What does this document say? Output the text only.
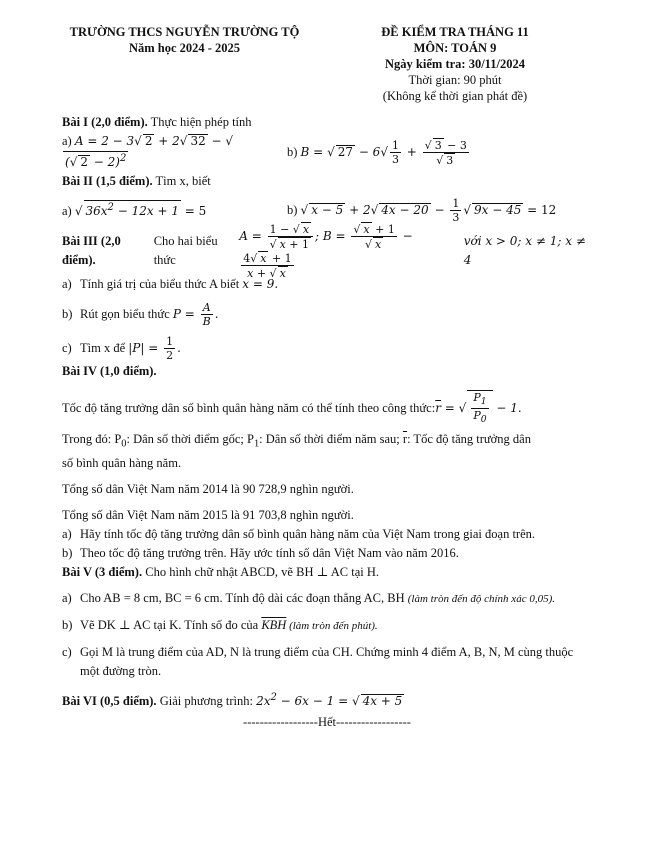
TRƯỜNG THCS NGUYỄN TRƯỜNG TỘ
Năm học 2024 - 2025
ĐỀ KIỂM TRA THÁNG 11
MÔN: TOÁN 9
Ngày kiểm tra: 30/11/2024
Thời gian: 90 phút
(Không kể thời gian phát đề)

Bài I (2,0 điểm). Thực hiện phép tính

a) A = 2 − 3√ 2 + 2√ 32 − √(√ 2 − 2)$^2$	b) B = √ $27 - 6√ \frac{1}{3} + \frac{√ 3 - 3}{√ 3}$

Bài II (1,5 điểm). Tìm x, biết

a) √ $36x^2 - 12x + 1 = 5$	b) √ x − 5 + 2√ $4x - 20 - \frac{1}{3}$ √ 9x − 45 = 12

Bài III (2,0 điểm).
Cho hai biểu thức
$A = \frac{1 - √ x}{√ x + 1}$ ; $B = \frac{√ x + 1}{√ x}$ −
$\frac{4√ x + 1}{x + √ x}$
với x > 0; x ≠ 1; x ≠ 4

a) Tính giá trị của biểu thức A biết x = 9.
b) Rút gọn biểu thức $P = \frac{A}{B}$ .
c) Tìm x để $|P| = \frac{1}{2}$ .

Bài IV (1,0 điểm).

Tốc độ tăng trưởng dân số bình quân hàng năm có thể tính theo công thức: $\overline{r}$ = √ $\frac{P_1}{P_0} - 1$.

Trong đó: $P_0$: Dân số thời điểm gốc; $P_1$: Dân số thời điểm năm sau; $\overline{r}$: Tốc độ tăng trưởng dân

số bình quân hàng năm.

Tổng số dân Việt Nam năm 2014 là 90 728,9 nghìn người.

Tổng số dân Việt Nam năm 2015 là 91 703,8 nghìn người.

a) Hãy tính tốc độ tăng trưởng dân số bình quân hàng năm của Việt Nam trong giai đoạn trên.
b) Theo tốc độ tăng trưởng trên. Hãy ước tính số dân Việt Nam vào năm 2016.

Bài V (3 điểm). Cho hình chữ nhật ABCD, vẽ BH ⊥ AC tại H.

a) Cho AB = 8 cm, BC = 6 cm. Tính độ dài các đoạn thẳng AC, BH (làm tròn đến độ chính xác 0,05).
b) Vẽ DK ⊥ AC tại K. Tính số đo của $\overline{KBH}$ (làm tròn đến phút).
c) Gọi M là trung điểm của AD, N là trung điểm của CH. Chứng minh 4 điểm A, B, N, M cùng thuộc
một đường tròn.

Bài VI (0,5 điểm). Giải phương trình: $2x^2 - 6x - 1$ = √ 4x + 5

------------------Hết------------------
